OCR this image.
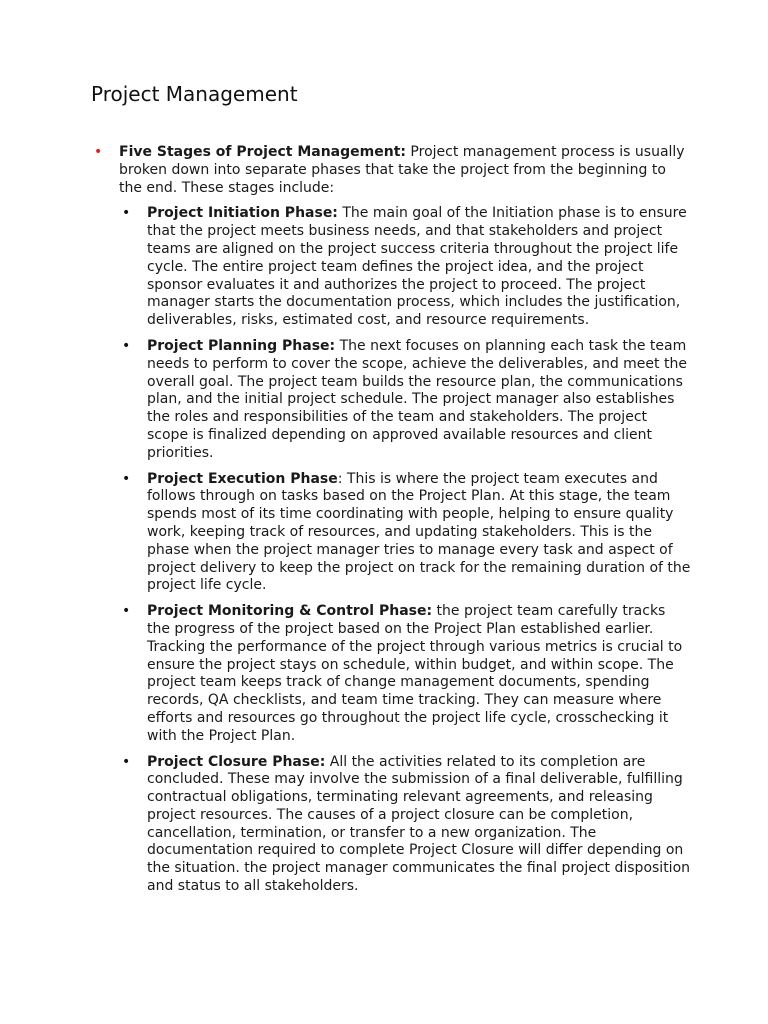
Project Management
• Five Stages of Project Management: Project management process is usually broken down into separate phases that take the project from the beginning to the end. These stages include:
• Project Initiation Phase: The main goal of the Initiation phase is to ensure that the project meets business needs, and that stakeholders and project teams are aligned on the project success criteria throughout the project life cycle. The entire project team defines the project idea, and the project sponsor evaluates it and authorizes the project to proceed. The project manager starts the documentation process, which includes the justification, deliverables, risks, estimated cost, and resource requirements.
• Project Planning Phase: The next focuses on planning each task the team needs to perform to cover the scope, achieve the deliverables, and meet the overall goal. The project team builds the resource plan, the communications plan, and the initial project schedule. The project manager also establishes the roles and responsibilities of the team and stakeholders. The project scope is finalized depending on approved available resources and client priorities.
• Project Execution Phase: This is where the project team executes and follows through on tasks based on the Project Plan. At this stage, the team spends most of its time coordinating with people, helping to ensure quality work, keeping track of resources, and updating stakeholders. This is the phase when the project manager tries to manage every task and aspect of project delivery to keep the project on track for the remaining duration of the project life cycle.
• Project Monitoring & Control Phase: the project team carefully tracks the progress of the project based on the Project Plan established earlier. Tracking the performance of the project through various metrics is crucial to ensure the project stays on schedule, within budget, and within scope. The project team keeps track of change management documents, spending records, QA checklists, and team time tracking. They can measure where efforts and resources go throughout the project life cycle, crosschecking it with the Project Plan.
• Project Closure Phase: All the activities related to its completion are concluded. These may involve the submission of a final deliverable, fulfilling contractual obligations, terminating relevant agreements, and releasing project resources. The causes of a project closure can be completion, cancellation, termination, or transfer to a new organization. The documentation required to complete Project Closure will differ depending on the situation. the project manager communicates the final project disposition and status to all stakeholders.
